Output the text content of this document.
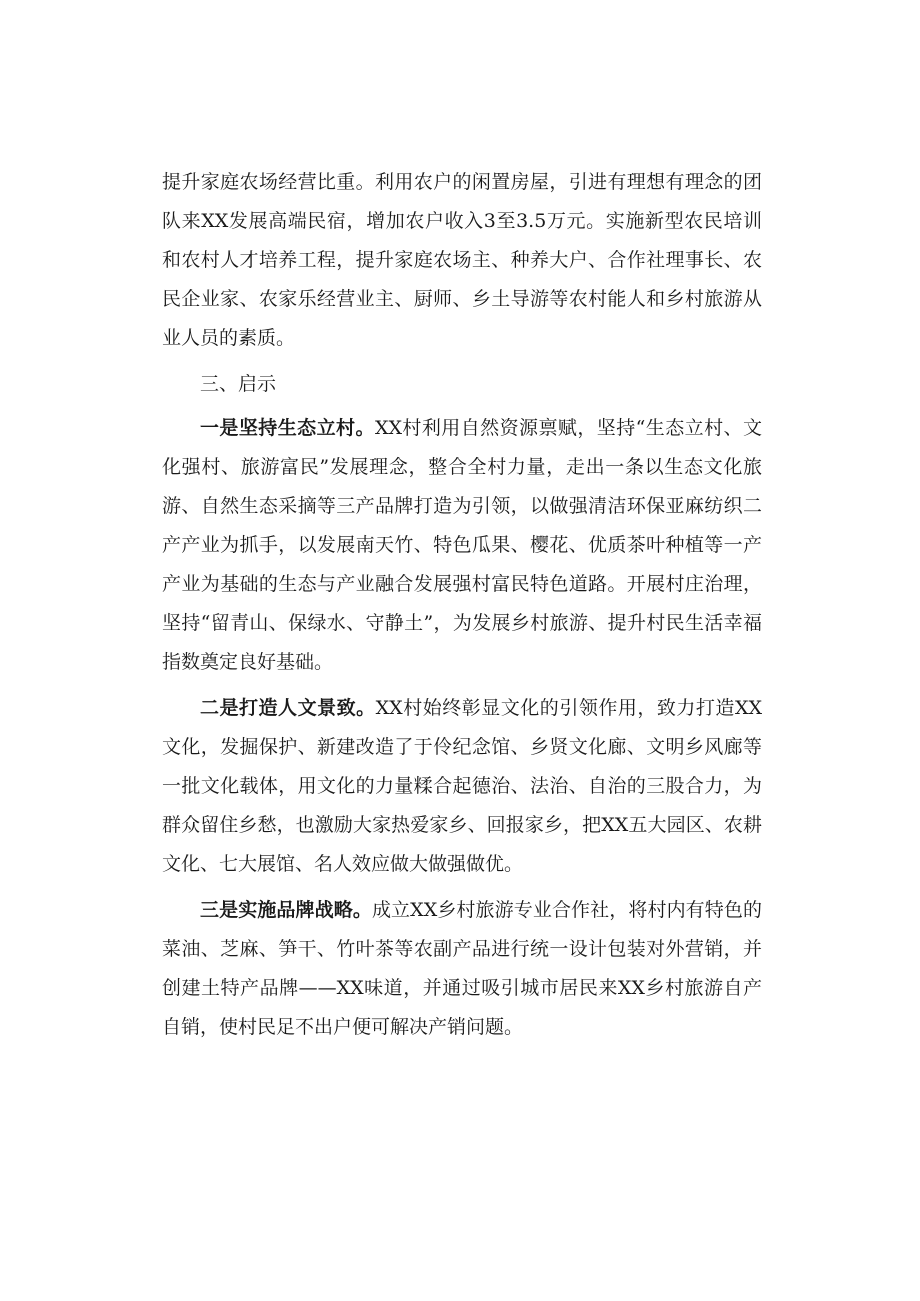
提升家庭农场经营比重。利用农户的闲置房屋，引进有理想有理念的团队来XX发展高端民宿，增加农户收入3至3.5万元。实施新型农民培训和农村人才培养工程，提升家庭农场主、种养大户、合作社理事长、农民企业家、农家乐经营业主、厨师、乡土导游等农村能人和乡村旅游从业人员的素质。

三、启示

一是坚持生态立村。XX村利用自然资源禀赋，坚持“生态立村、文化强村、旅游富民”发展理念，整合全村力量，走出一条以生态文化旅游、自然生态采摘等三产品牌打造为引领，以做强清洁环保亚麻纺织二产产业为抓手，以发展南天竹、特色瓜果、樱花、优质茶叶种植等一产产业为基础的生态与产业融合发展强村富民特色道路。开展村庄治理，坚持“留青山、保绿水、守静土”，为发展乡村旅游、提升村民生活幸福指数奠定良好基础。

二是打造人文景致。XX村始终彰显文化的引领作用，致力打造XX文化，发掘保护、新建改造了于伶纪念馆、乡贤文化廊、文明乡风廊等一批文化载体，用文化的力量糅合起德治、法治、自治的三股合力，为群众留住乡愁，也激励大家热爱家乡、回报家乡，把XX五大园区、农耕文化、七大展馆、名人效应做大做强做优。

三是实施品牌战略。成立XX乡村旅游专业合作社，将村内有特色的菜油、芝麻、笋干、竹叶茶等农副产品进行统一设计包装对外营销，并创建土特产品牌——XX味道，并通过吸引城市居民来XX乡村旅游自产自销，使村民足不出户便可解决产销问题。
